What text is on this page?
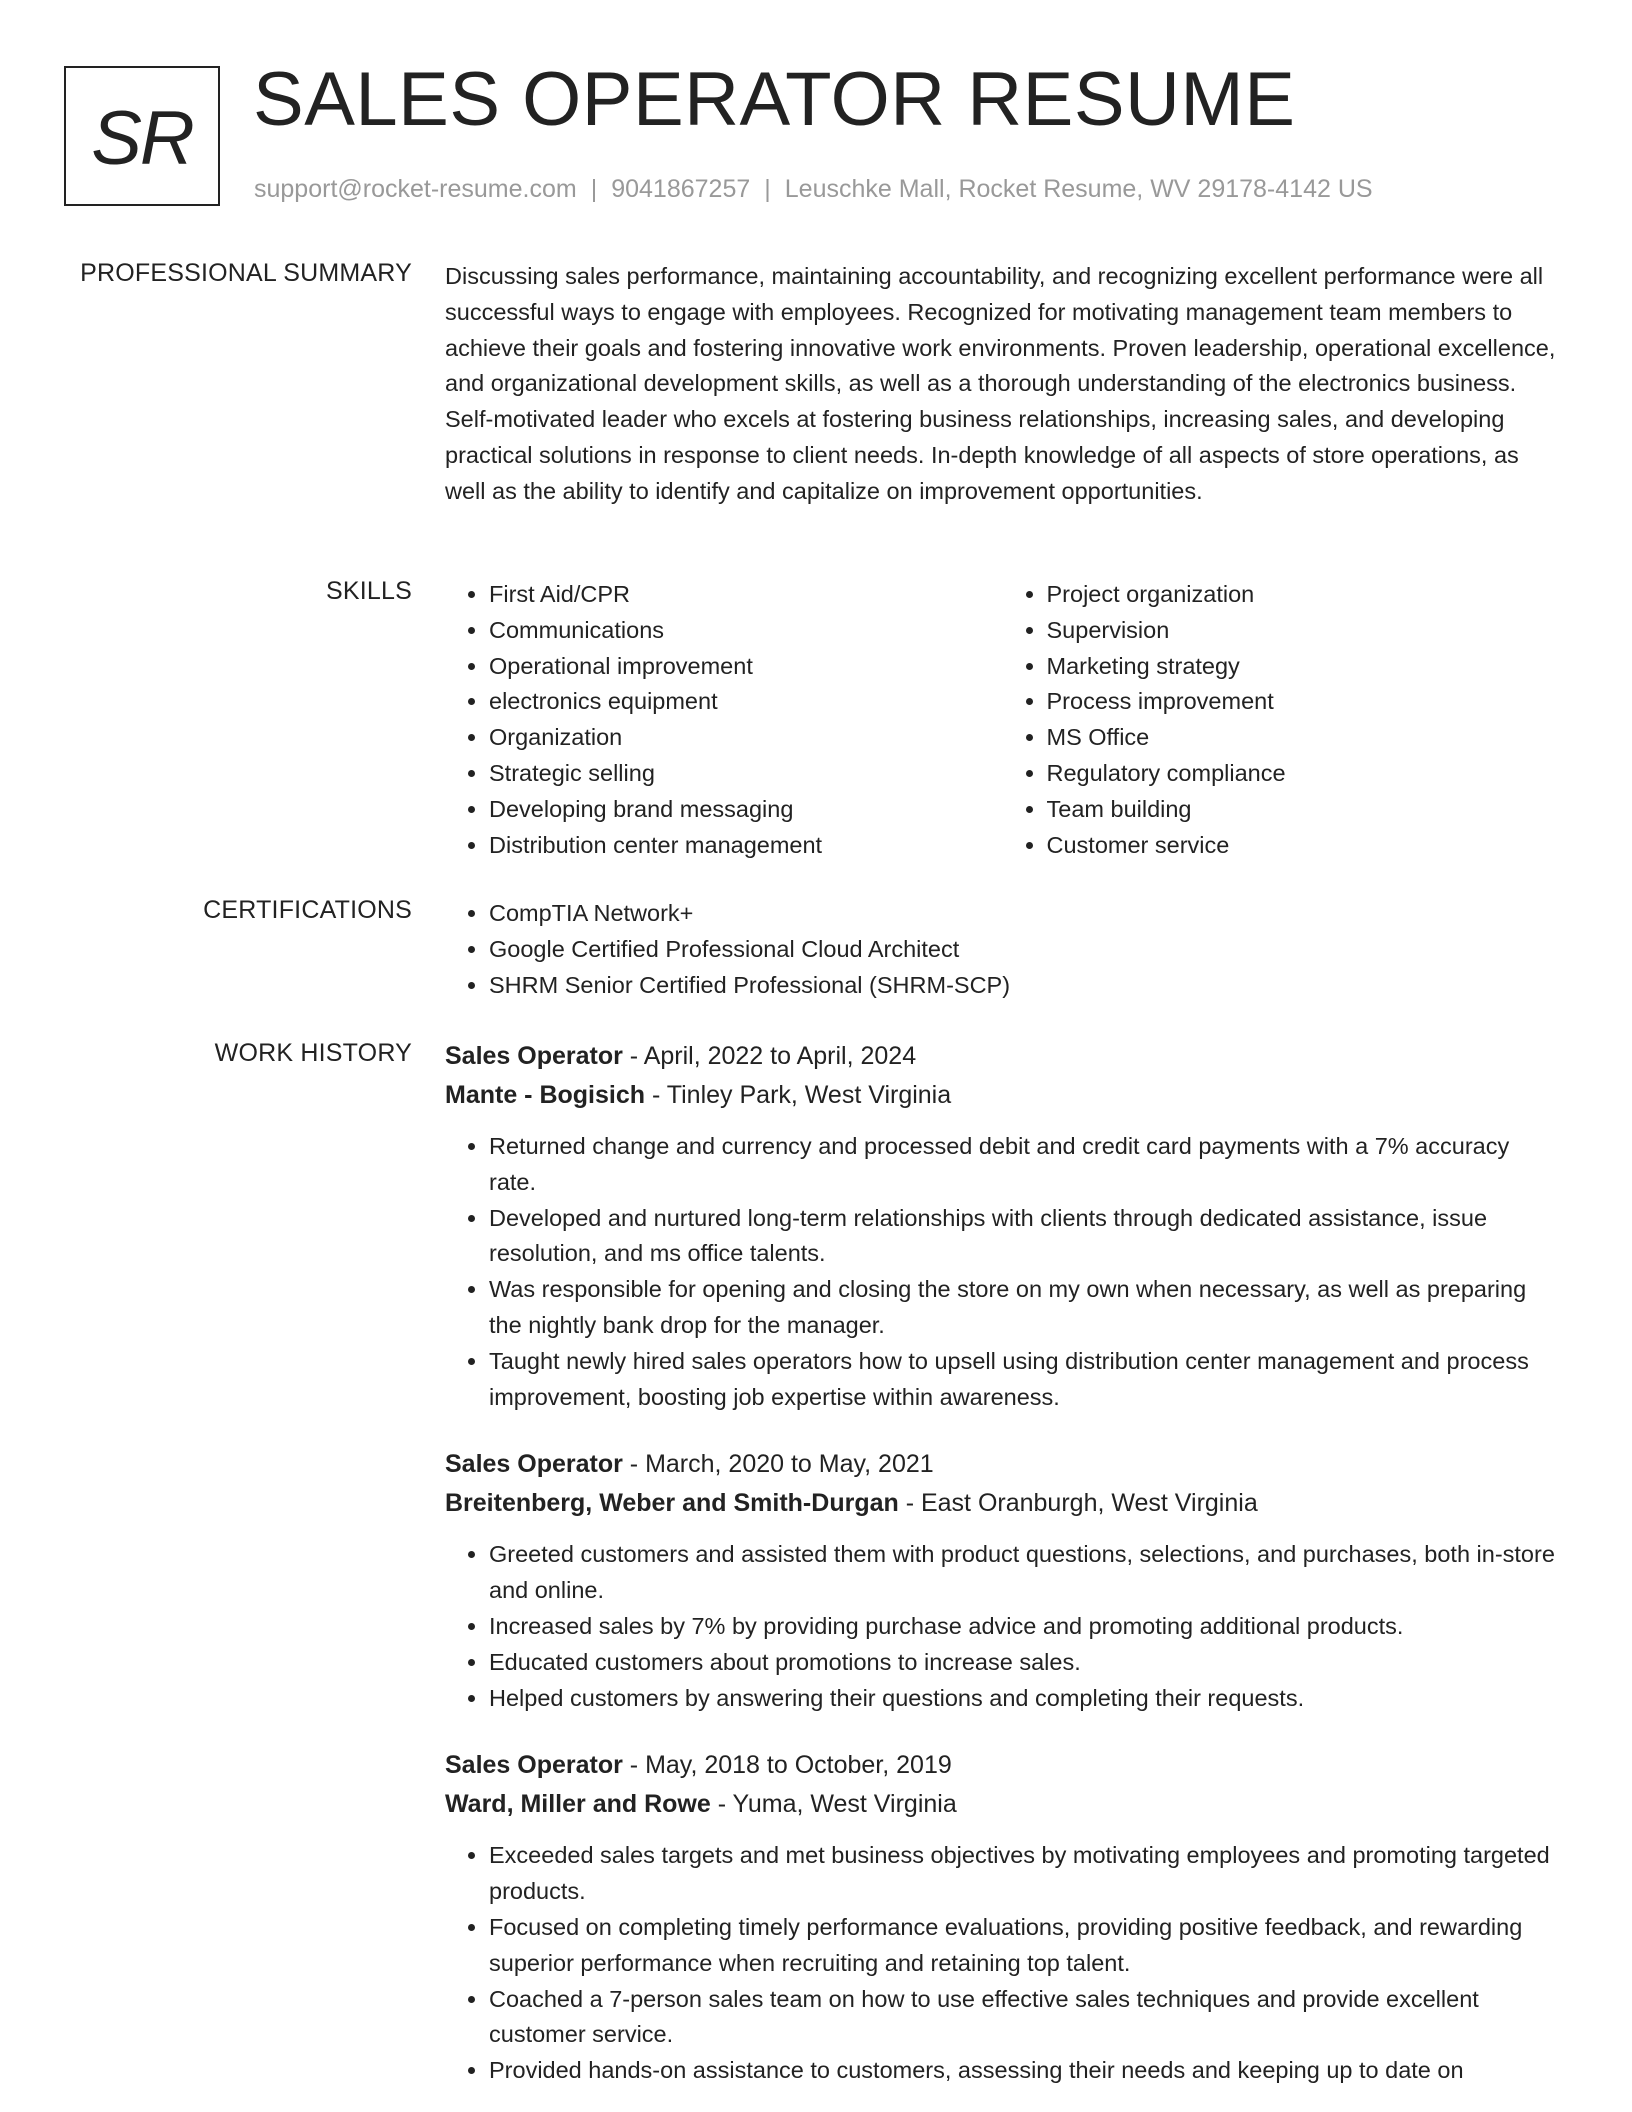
SR SALES OPERATOR RESUME
support@rocket-resume.com | 9041867257 | Leuschke Mall, Rocket Resume, WV 29178-4142 US
PROFESSIONAL SUMMARY Discussing sales performance, maintaining accountability, and recognizing excellent performance were all successful ways to engage with employees. Recognized for motivating management team members to achieve their goals and fostering innovative work environments. Proven leadership, operational excellence, and organizational development skills, as well as a thorough understanding of the electronics business. Self-motivated leader who excels at fostering business relationships, increasing sales, and developing practical solutions in response to client needs. In-depth knowledge of all aspects of store operations, as well as the ability to identify and capitalize on improvement opportunities.

SKILLS	• First Aid/CPR
• Communications
• Operational improvement
• electronics equipment
• Organization
• Strategic selling
• Developing brand messaging
• Distribution center management
• Project organization
• Supervision
• Marketing strategy
• Process improvement
• MS Office
• Regulatory compliance
• Team building
• Customer service
CERTIFICATIONS	• CompTIA Network+
• Google Certified Professional Cloud Architect
• SHRM Senior Certified Professional (SHRM-SCP)
WORK HISTORY Sales Operator - April, 2022 to April, 2024
Mante - Bogisich - Tinley Park, West Virginia
• Returned change and currency and processed debit and credit card payments with a 7% accuracy rate.
• Developed and nurtured long-term relationships with clients through dedicated assistance, issue resolution, and ms office talents.
• Was responsible for opening and closing the store on my own when necessary, as well as preparing the nightly bank drop for the manager.
• Taught newly hired sales operators how to upsell using distribution center management and process improvement, boosting job expertise within awareness.
Sales Operator - March, 2020 to May, 2021
Breitenberg, Weber and Smith-Durgan - East Oranburgh, West Virginia
• Greeted customers and assisted them with product questions, selections, and purchases, both in-store and online.
• Increased sales by 7% by providing purchase advice and promoting additional products.
• Educated customers about promotions to increase sales.
• Helped customers by answering their questions and completing their requests.
Sales Operator - May, 2018 to October, 2019
Ward, Miller and Rowe - Yuma, West Virginia
• Exceeded sales targets and met business objectives by motivating employees and promoting targeted products.
• Focused on completing timely performance evaluations, providing positive feedback, and rewarding superior performance when recruiting and retaining top talent.
• Coached a 7-person sales team on how to use effective sales techniques and provide excellent customer service.
• Provided hands-on assistance to customers, assessing their needs and keeping up to date on
